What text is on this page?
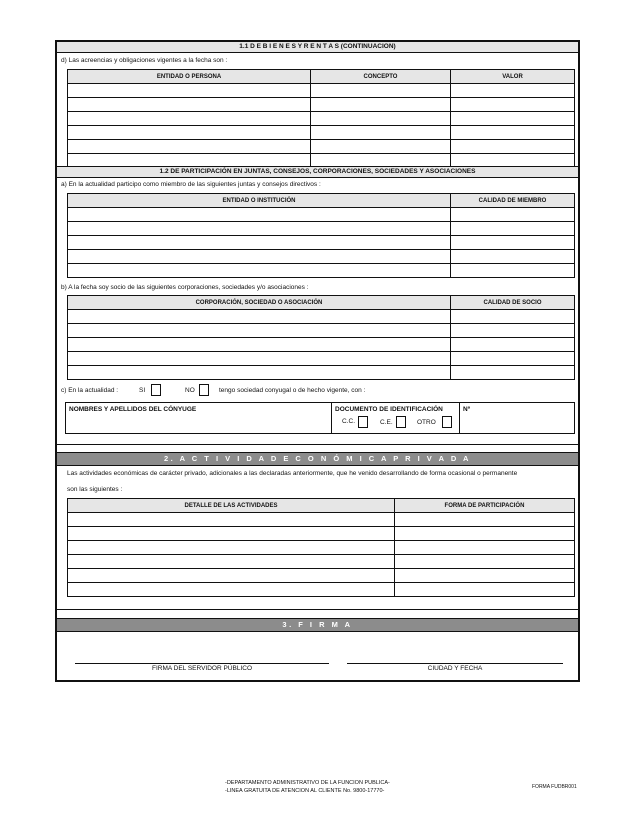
1.1 D E B I E N E S Y R E N T A S (CONTINUACION)
d) Las acreencias y obligaciones vigentes a la fecha son :
ENTIDAD O PERSONA	CONCEPTO	VALOR

1.2 DE PARTICIPACIÓN EN JUNTAS, CONSEJOS, CORPORACIONES, SOCIEDADES Y ASOCIACIONES
a) En la actualidad participo como miembro de las siguientes juntas y consejos directivos :
ENTIDAD O INSTITUCIÓN	CALIDAD DE MIEMBRO

b) A la fecha soy socio de las siguientes corporaciones, sociedades y/o asociaciones :
CORPORACIÓN, SOCIEDAD O ASOCIACIÓN	CALIDAD DE SOCIO

c) En la actualidad :	SI	NO	tengo sociedad conyugal o de hecho vigente, con :
NOMBRES Y APELLIDOS DEL CÓNYUGE	DOCUMENTO DE IDENTIFICACIÓN
C.C.	C.E.	OTRO
Nº
2. A C T I V I D A D E C O N Ó M I C A P R I V A D A
Las actividades económicas de carácter privado, adicionales a las declaradas anteriormente, que he venido desarrollando de forma ocasional o permanente
son las siguientes :
DETALLE DE LAS ACTIVIDADES	FORMA DE PARTICIPACIÓN

3. F I R M A
FIRMA DEL SERVIDOR PÚBLICO	CIUDAD Y FECHA
-DEPARTAMENTO ADMINISTRATIVO DE LA FUNCION PUBLICA-
-LINEA GRATUITA DE ATENCION AL CLIENTE No. 9800-17770-
FORMA FUDBR001
